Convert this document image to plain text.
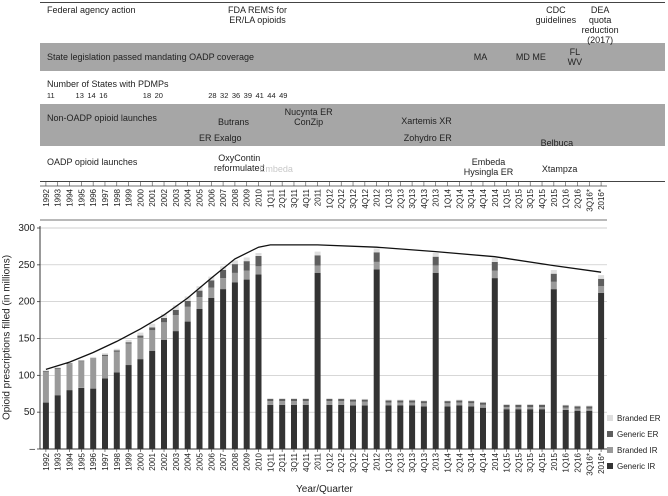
Federal agency action
State legislation passed mandating OADP coverage
Number of States with PDMPs
Non-OADP opioid launches
OADP opioid launches
FDA REMS for
ER/LA opioids
CDC
guidelines
DEA
quota
reduction
(2017)
MA	MD ME	FL
WV
Nucynta ER
ConZip
Butrans
ER Exalgo
Xartemis XR
Zohydro ER	Belbuca
OxyContin
reformulated
Embeda
Embeda
Hysingla ER	Xtampza
11	13 14 16	18 20	28 32 36 39 41 44 49
1992 1993 1994 1995 1996 1997 1998 1999 2000 2001 2002 2003 2004 2005 2006 2007 2008 2009 2010 1Q11 2Q11 3Q11 4Q11 2011 1Q12 2Q12 3Q12 4Q12 2012 1Q13 2Q13 3Q13 4Q13 2013 1Q14 2Q14 3Q14 4Q14 2014 1Q15 2Q15 3Q15 4Q15 2015 1Q16 2Q16 3Q16* 2016*
–
50
100
150
200
250
300
1992 1993 1994 1995 1996 1997 1998 1999 2000 2001 2002 2003 2004 2005 2006 2007 2008 2009 2010 1Q11 2Q11 3Q11 4Q11 2011 1Q12 2Q12 3Q12 4Q12 2012 1Q13 2Q13 3Q13 4Q13 2013 1Q14 2Q14 3Q14 4Q14 2014 1Q15 2Q15 3Q15 4Q15 2015 1Q16 2Q16 3Q16* 2016*
Opioid prescriptions filled (in millions)
Year/Quarter
Branded ER
Generic ER
Branded IR
Generic IR
